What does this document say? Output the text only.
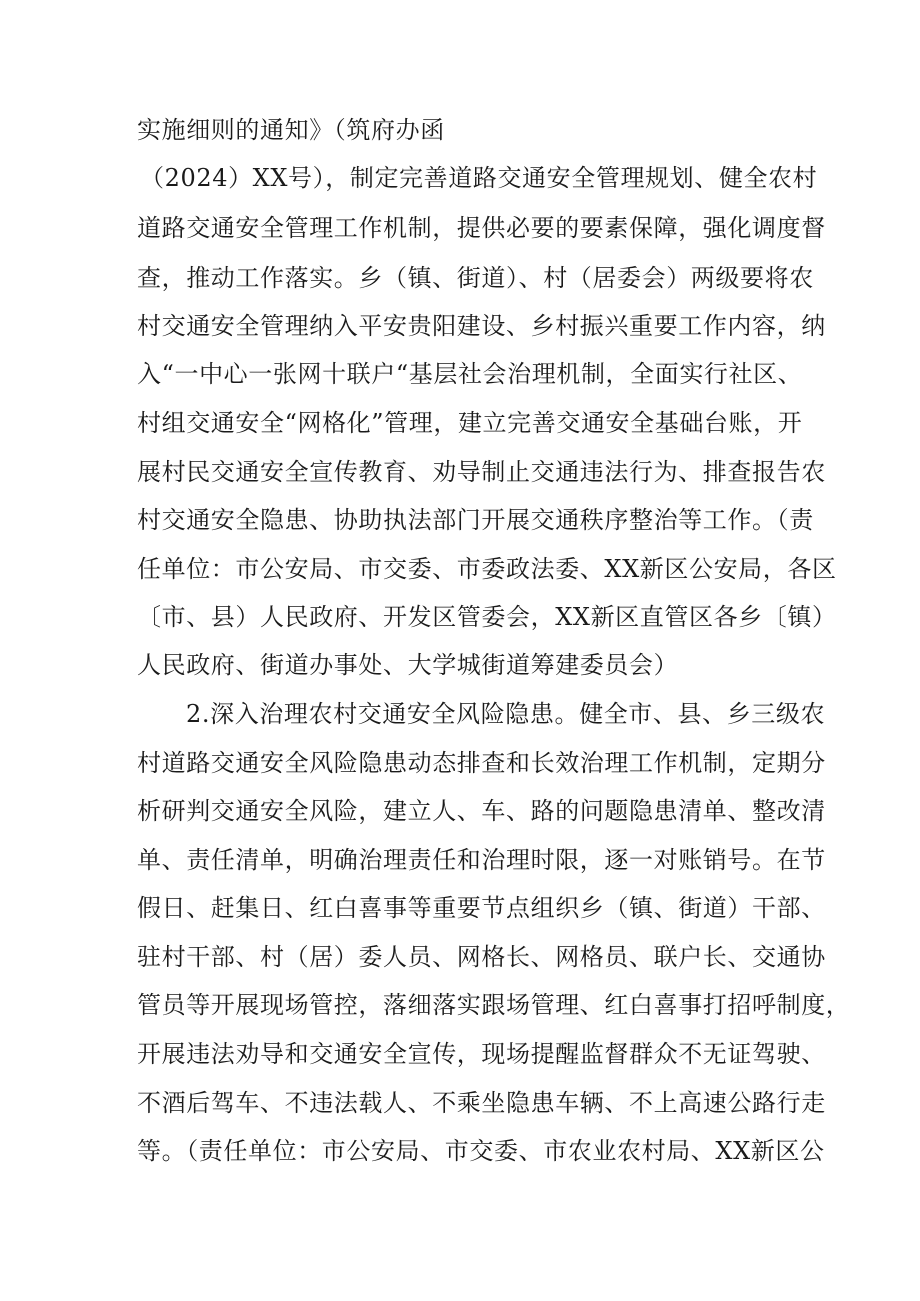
实施细则的通知》（筑府办函
（2024）XX号），制定完善道路交通安全管理规划、健全农村
道路交通安全管理工作机制，提供必要的要素保障，强化调度督
查，推动工作落实。乡（镇、街道）、村（居委会）两级要将农
村交通安全管理纳入平安贵阳建设、乡村振兴重要工作内容，纳
入“一中心一张网十联户“基层社会治理机制，全面实行社区、
村组交通安全“网格化”管理，建立完善交通安全基础台账，开
展村民交通安全宣传教育、劝导制止交通违法行为、排查报告农
村交通安全隐患、协助执法部门开展交通秩序整治等工作。（责
任单位：市公安局、市交委、市委政法委、XX新区公安局，各区
〔市、县）人民政府、开发区管委会，XX新区直管区各乡〔镇）
人民政府、街道办事处、大学城街道筹建委员会）
2.深入治理农村交通安全风险隐患。健全市、县、乡三级农
村道路交通安全风险隐患动态排查和长效治理工作机制，定期分
析研判交通安全风险，建立人、车、路的问题隐患清单、整改清
单、责任清单，明确治理责任和治理时限，逐一对账销号。在节
假日、赶集日、红白喜事等重要节点组织乡（镇、街道）干部、
驻村干部、村（居）委人员、网格长、网格员、联户长、交通协
管员等开展现场管控，落细落实跟场管理、红白喜事打招呼制度，
开展违法劝导和交通安全宣传，现场提醒监督群众不无证驾驶、
不酒后驾车、不违法载人、不乘坐隐患车辆、不上高速公路行走
等。（责任单位：市公安局、市交委、市农业农村局、XX新区公
